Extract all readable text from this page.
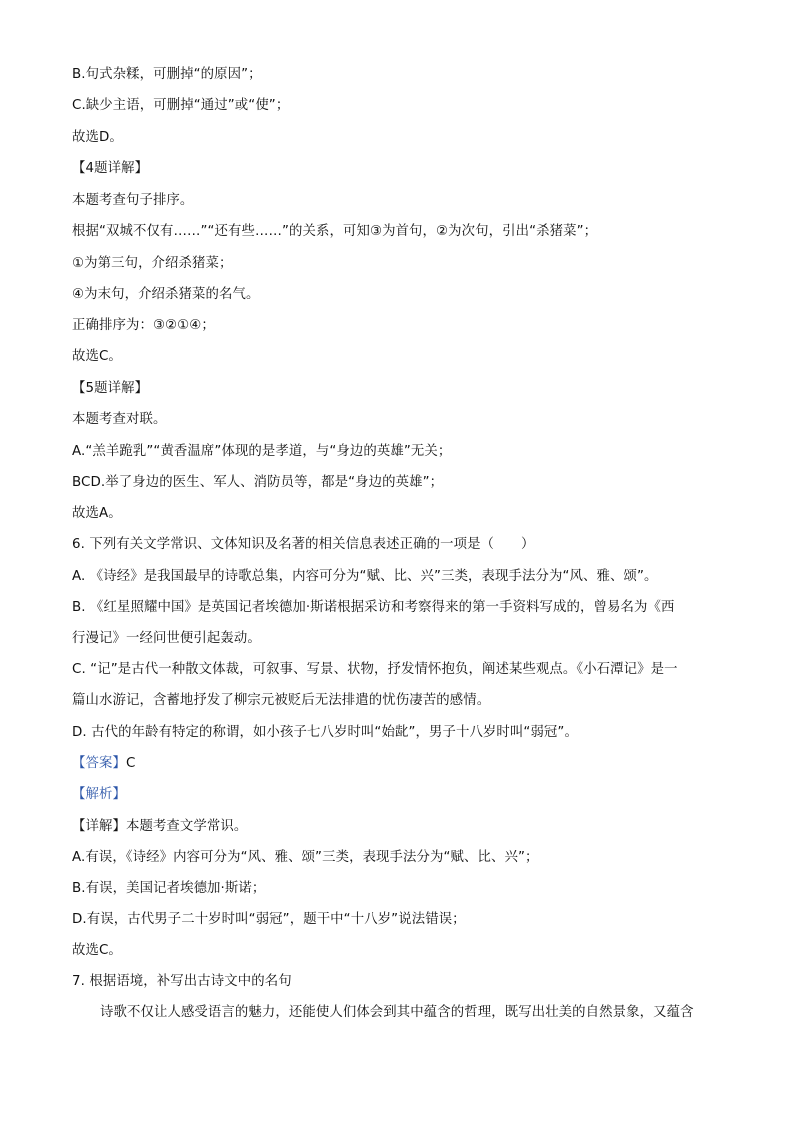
B.句式杂糅，可删掉“的原因”；
C.缺少主语，可删掉“通过”或“使”；
故选D。
【4题详解】
本题考查句子排序。
根据“双城不仅有……”“还有些……”的关系，可知③为首句，②为次句，引出“杀猪菜”；
①为第三句，介绍杀猪菜；
④为末句，介绍杀猪菜的名气。
正确排序为：③②①④；
故选C。
【5题详解】
本题考查对联。
A.“羔羊跪乳”“黄香温席”体现的是孝道，与“身边的英雄”无关；
BCD.举了身边的医生、军人、消防员等，都是“身边的英雄”；
故选A。
6. 下列有关文学常识、文体知识及名著的相关信息表述正确的一项是（　　）
A. 《诗经》是我国最早的诗歌总集，内容可分为“赋、比、兴”三类，表现手法分为“风、雅、颂”。
B. 《红星照耀中国》是英国记者埃德加·斯诺根据采访和考察得来的第一手资料写成的，曾易名为《西
行漫记》一经问世便引起轰动。
C. “记”是古代一种散文体裁，可叙事、写景、状物，抒发情怀抱负，阐述某些观点。《小石潭记》是一
篇山水游记，含蓄地抒发了柳宗元被贬后无法排遣的忧伤凄苦的感情。
D. 古代的年龄有特定的称谓，如小孩子七八岁时叫“始龀”，男子十八岁时叫“弱冠”。
【答案】C
【解析】
【详解】本题考查文学常识。
A.有误，《诗经》内容可分为“风、雅、颂”三类，表现手法分为“赋、比、兴”；
B.有误，美国记者埃德加·斯诺；
D.有误，古代男子二十岁时叫“弱冠”，题干中“十八岁”说法错误；
故选C。
7. 根据语境，补写出古诗文中的名句
诗歌不仅让人感受语言的魅力，还能使人们体会到其中蕴含的哲理，既写出壮美的自然景象，又蕴含
